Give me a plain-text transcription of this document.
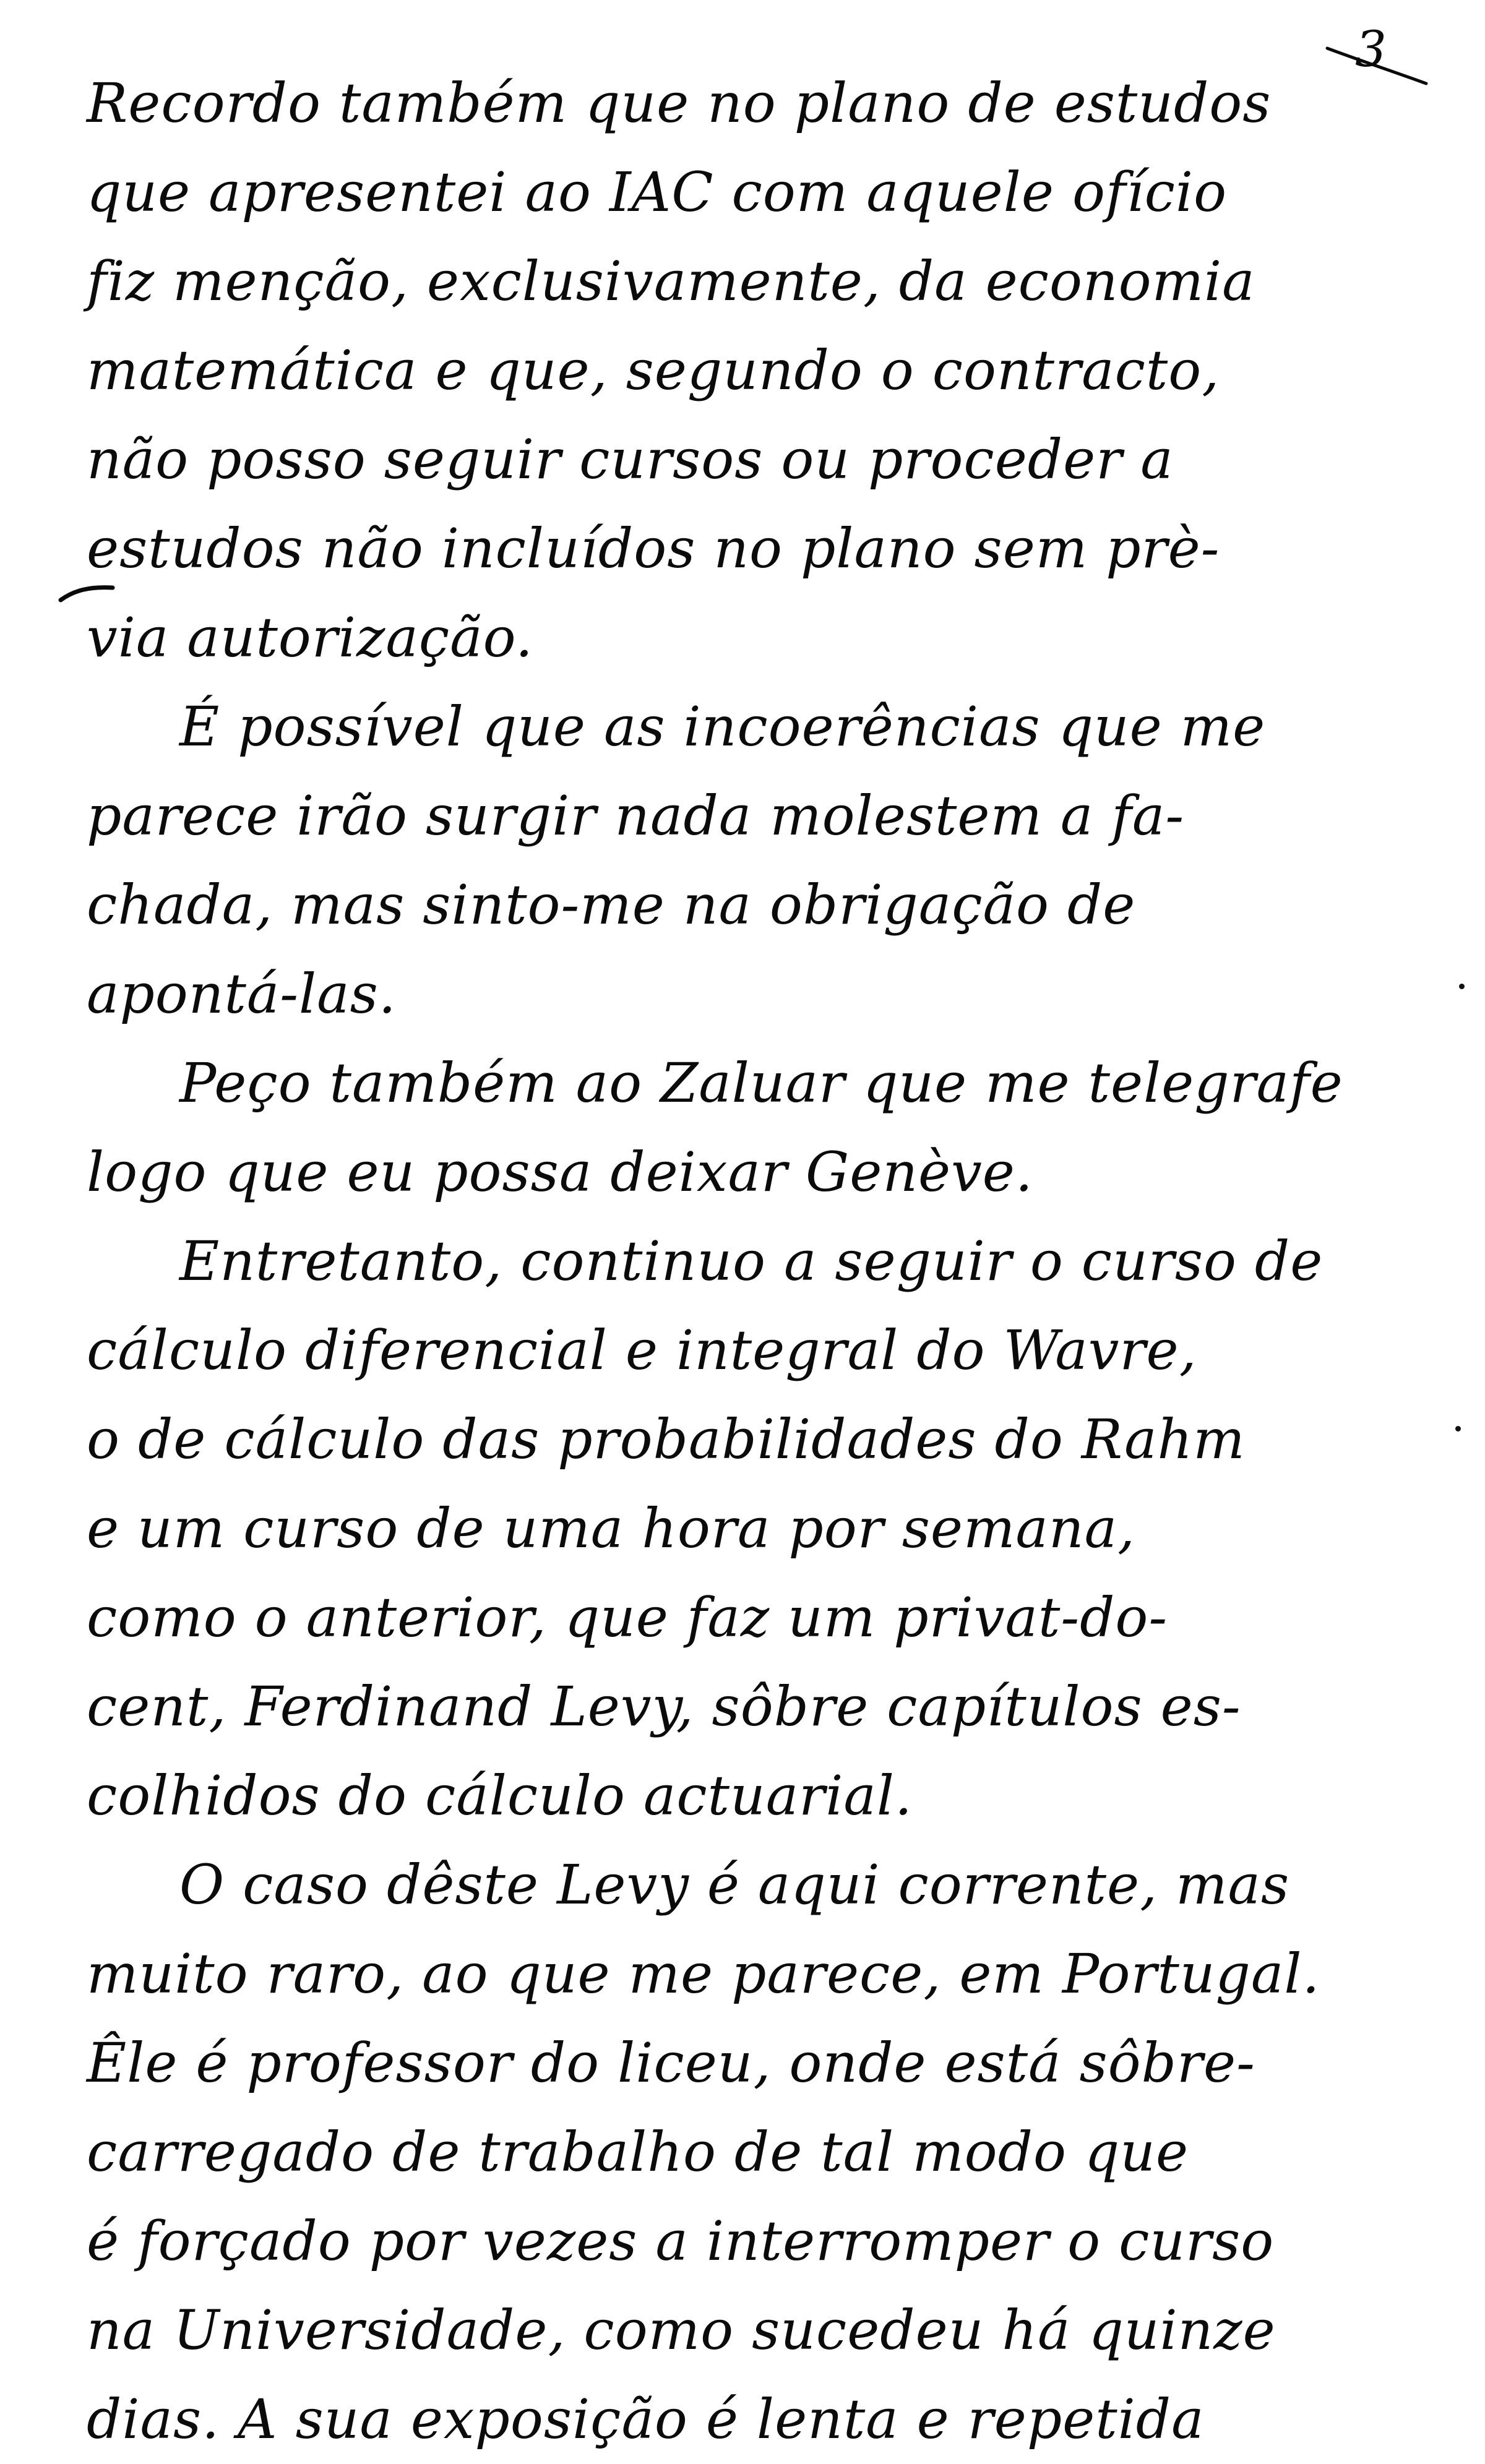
3
Recordo também que no plano de estudos
que apresentei ao IAC com aquele ofício
fiz menção, exclusivamente, da economia
matemática e que, segundo o contracto,
não posso seguir cursos ou proceder a
estudos não incluídos no plano sem prè-
via autorização.
É possível que as incoerências que me
parece irão surgir nada molestem a fa-
chada, mas sinto-me na obrigação de
apontá-las.
Peço também ao Zaluar que me telegrafe
logo que eu possa deixar Genève.
Entretanto, continuo a seguir o curso de
cálculo diferencial e integral do Wavre,
o de cálculo das probabilidades do Rahm
e um curso de uma hora por semana,
como o anterior, que faz um privat-do-
cent, Ferdinand Levy, sôbre capítulos es-
colhidos do cálculo actuarial.
O caso dêste Levy é aqui corrente, mas
muito raro, ao que me parece, em Portugal.
Êle é professor do liceu, onde está sôbre-
carregado de trabalho de tal modo que
é forçado por vezes a interromper o curso
na Universidade, como sucedeu há quinze
dias. A sua exposição é lenta e repetida
